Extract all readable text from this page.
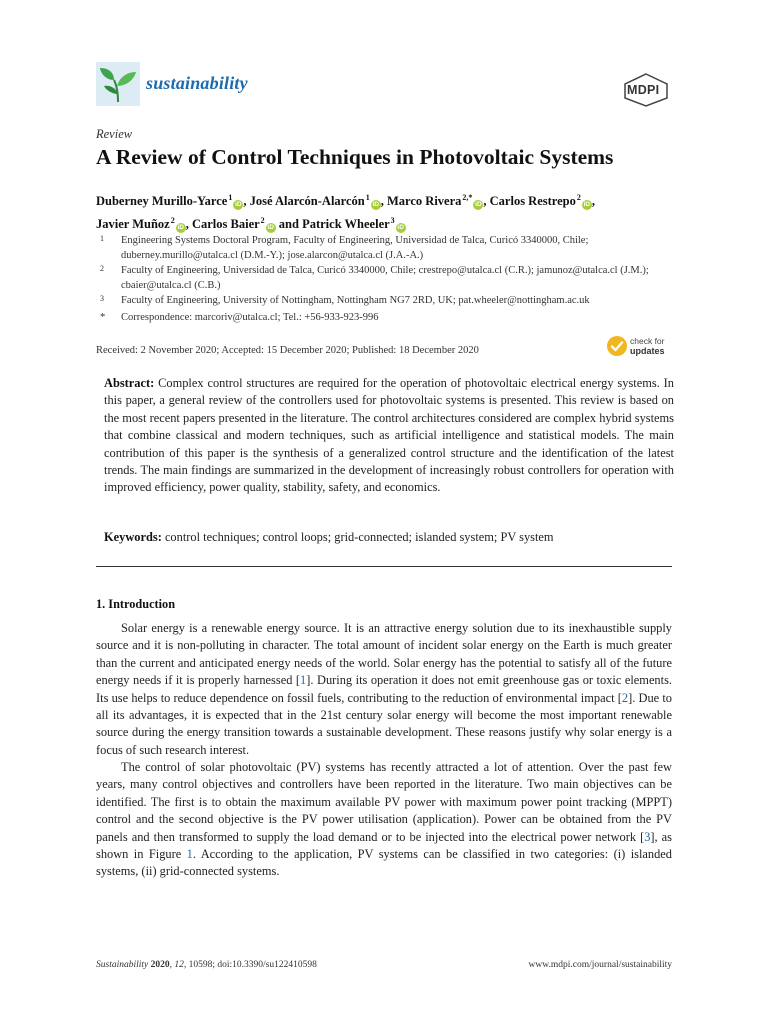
sustainability	MDPI
Review
A Review of Control Techniques in Photovoltaic Systems
Duberney Murillo-Yarce$^1$iD , José Alarcón-Alarcón$^1$iD , Marco Rivera$^{2,*}$iD , Carlos Restrepo$^2$iD ,
Javier Muñoz$^2$iD , Carlos Baier$^2$iD and Patrick Wheeler$^3$iD
1 Engineering Systems Doctoral Program, Faculty of Engineering, Universidad de Talca, Curicó 3340000, Chile; duberney.murillo@utalca.cl (D.M.-Y.); jose.alarcon@utalca.cl (J.A.-A.)
2 Faculty of Engineering, Universidad de Talca, Curicó 3340000, Chile; crestrepo@utalca.cl (C.R.); jamunoz@utalca.cl (J.M.); cbaier@utalca.cl (C.B.)
3 Faculty of Engineering, University of Nottingham, Nottingham NG7 2RD, UK; pat.wheeler@nottingham.ac.uk
* Correspondence: marcoriv@utalca.cl; Tel.: +56-933-923-996
Received: 2 November 2020; Accepted: 15 December 2020; Published: 18 December 2020
check for
updates
Abstract: Complex control structures are required for the operation of photovoltaic electrical energy systems. In this paper, a general review of the controllers used for photovoltaic systems is presented. This review is based on the most recent papers presented in the literature. The control architectures considered are complex hybrid systems that combine classical and modern techniques, such as artificial intelligence and statistical models. The main contribution of this paper is the synthesis of a generalized control structure and the identification of the latest trends. The main findings are summarized in the development of increasingly robust controllers for operation with improved efficiency, power quality, stability, safety, and economics.
Keywords: control techniques; control loops; grid-connected; islanded system; PV system
1. Introduction
Solar energy is a renewable energy source. It is an attractive energy solution due to its inexhaustible supply source and it is non-polluting in character. The total amount of incident solar energy on the Earth is much greater than the current and anticipated energy needs of the world. Solar energy has the potential to satisfy all of the future energy needs if it is properly harnessed [1]. During its operation it does not emit greenhouse gas or toxic elements. Its use helps to reduce dependence on fossil fuels, contributing to the reduction of environmental impact [2]. Due to all its advantages, it is expected that in the 21st century solar energy will become the most important renewable source during the energy transition towards a sustainable development. These reasons justify why solar energy is a focus of such research interest.
The control of solar photovoltaic (PV) systems has recently attracted a lot of attention. Over the past few years, many control objectives and controllers have been reported in the literature. Two main objectives can be identified. The first is to obtain the maximum available PV power with maximum power point tracking (MPPT) control and the second objective is the PV power utilisation (application). Power can be obtained from the PV panels and then transformed to supply the load demand or to be injected into the electrical power network [3], as shown in Figure 1. According to the application, PV systems can be classified in two categories: (i) islanded systems, (ii) grid-connected systems.
Sustainability 2020, 12, 10598; doi:10.3390/su122410598	www.mdpi.com/journal/sustainability
